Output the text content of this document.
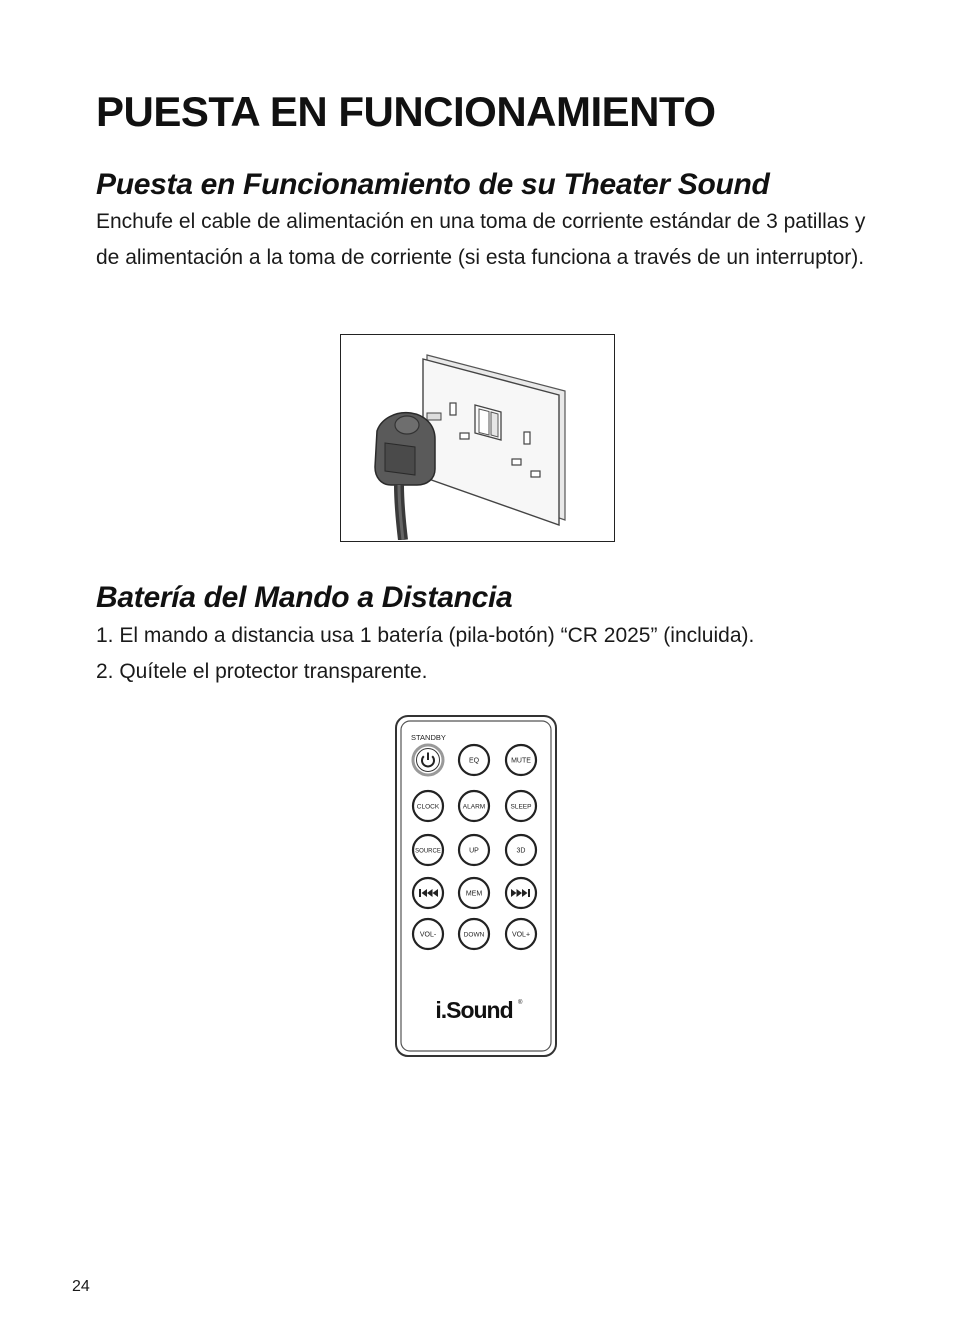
PUESTA EN FUNCIONAMIENTO
Puesta en Funcionamiento de su Theater Sound

Enchufe el cable de alimentación en una toma de corriente estándar de 3 patillas y de alimentación a la toma de corriente (si esta funciona a través de un interruptor).

Batería del Mando a Distancia
1. El mando a distancia usa 1 batería (pila-botón) “CR 2025” (incluida).
2. Quítele el protector transparente.
STANDBY
EQ	MUTE
CLOCK	ALARM	SLEEP
SOURCE	UP	3D
MEM
VOL-	DOWN	VOL+
i.Sound ®
24
